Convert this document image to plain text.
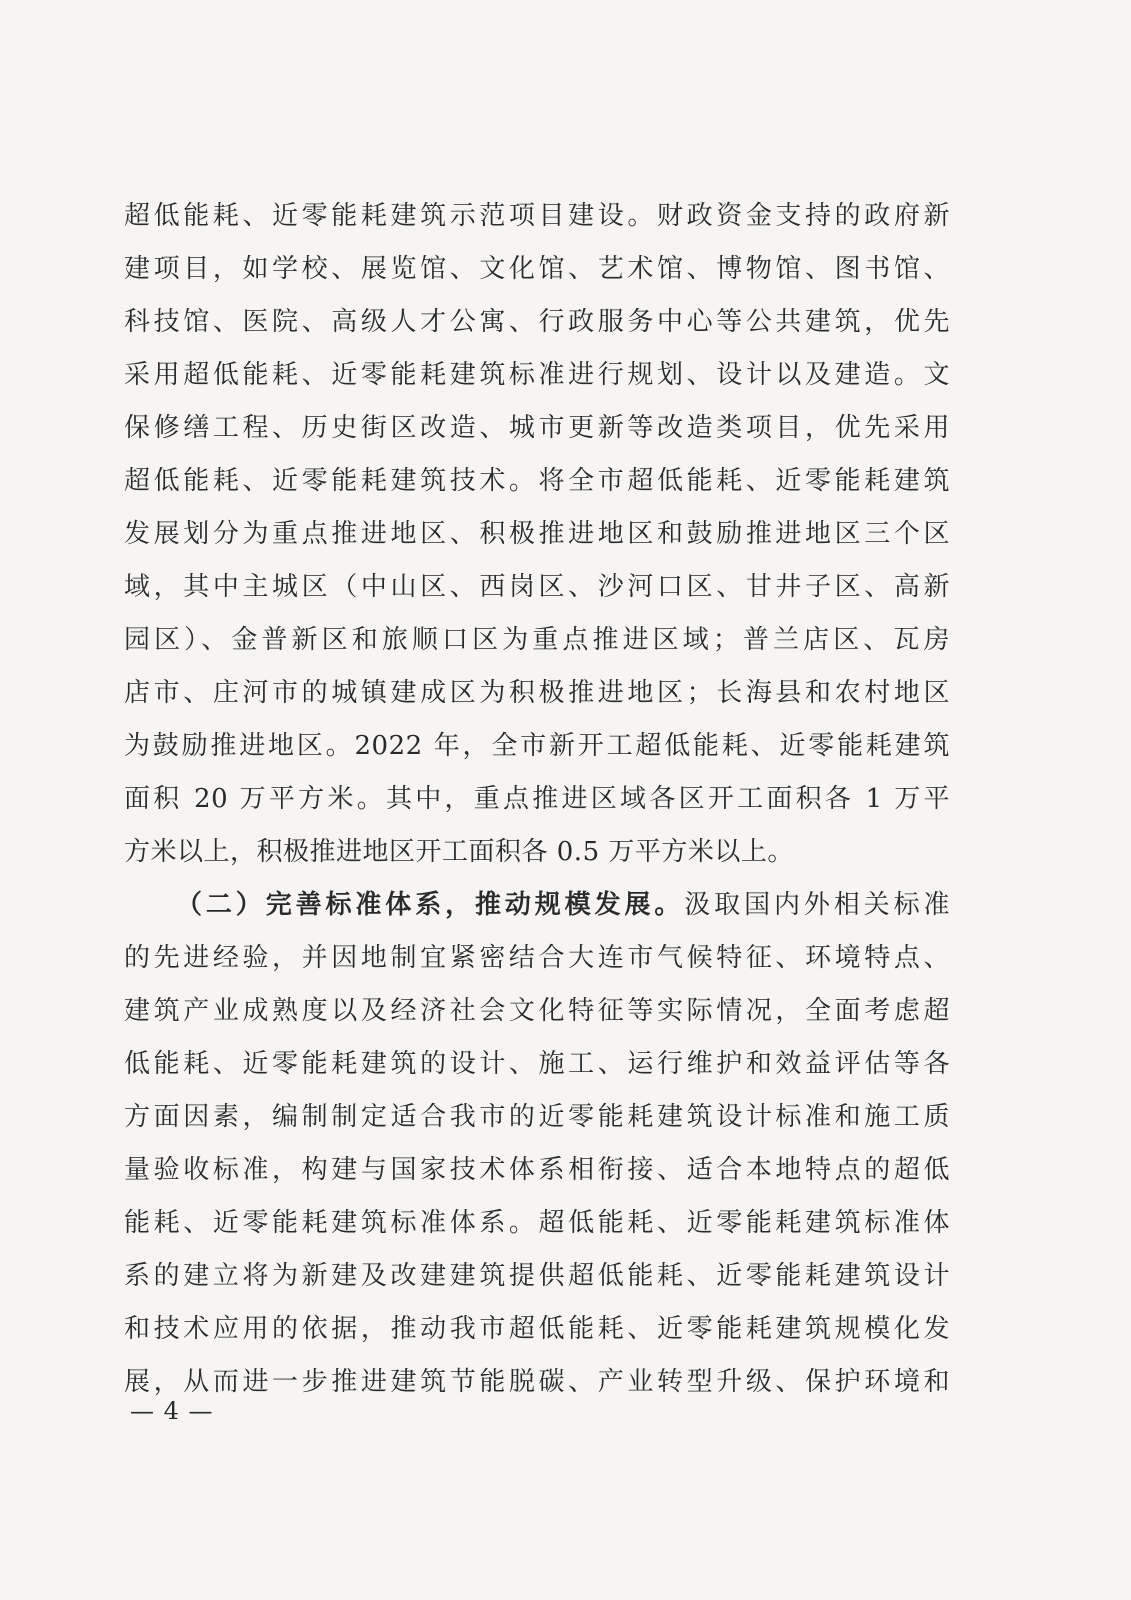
超低能耗、近零能耗建筑示范项目建设。财政资金支持的政府新
建项目，如学校、展览馆、文化馆、艺术馆、博物馆、图书馆、
科技馆、医院、高级人才公寓、行政服务中心等公共建筑，优先
采用超低能耗、近零能耗建筑标准进行规划、设计以及建造。文
保修缮工程、历史街区改造、城市更新等改造类项目，优先采用
超低能耗、近零能耗建筑技术。将全市超低能耗、近零能耗建筑
发展划分为重点推进地区、积极推进地区和鼓励推进地区三个区
域，其中主城区（中山区、西岗区、沙河口区、甘井子区、高新
园区）、金普新区和旅顺口区为重点推进区域；普兰店区、瓦房
店市、庄河市的城镇建成区为积极推进地区；长海县和农村地区
为鼓励推进地区。2022 年，全市新开工超低能耗、近零能耗建筑
面积 20 万平方米。其中，重点推进区域各区开工面积各 1 万平
方米以上，积极推进地区开工面积各 0.5 万平方米以上。
（二）完善标准体系，推动规模发展。汲取国内外相关标准
的先进经验，并因地制宜紧密结合大连市气候特征、环境特点、
建筑产业成熟度以及经济社会文化特征等实际情况，全面考虑超
低能耗、近零能耗建筑的设计、施工、运行维护和效益评估等各
方面因素，编制制定适合我市的近零能耗建筑设计标准和施工质
量验收标准，构建与国家技术体系相衔接、适合本地特点的超低
能耗、近零能耗建筑标准体系。超低能耗、近零能耗建筑标准体
系的建立将为新建及改建建筑提供超低能耗、近零能耗建筑设计
和技术应用的依据，推动我市超低能耗、近零能耗建筑规模化发
展，从而进一步推进建筑节能脱碳、产业转型升级、保护环境和
— 4 —
